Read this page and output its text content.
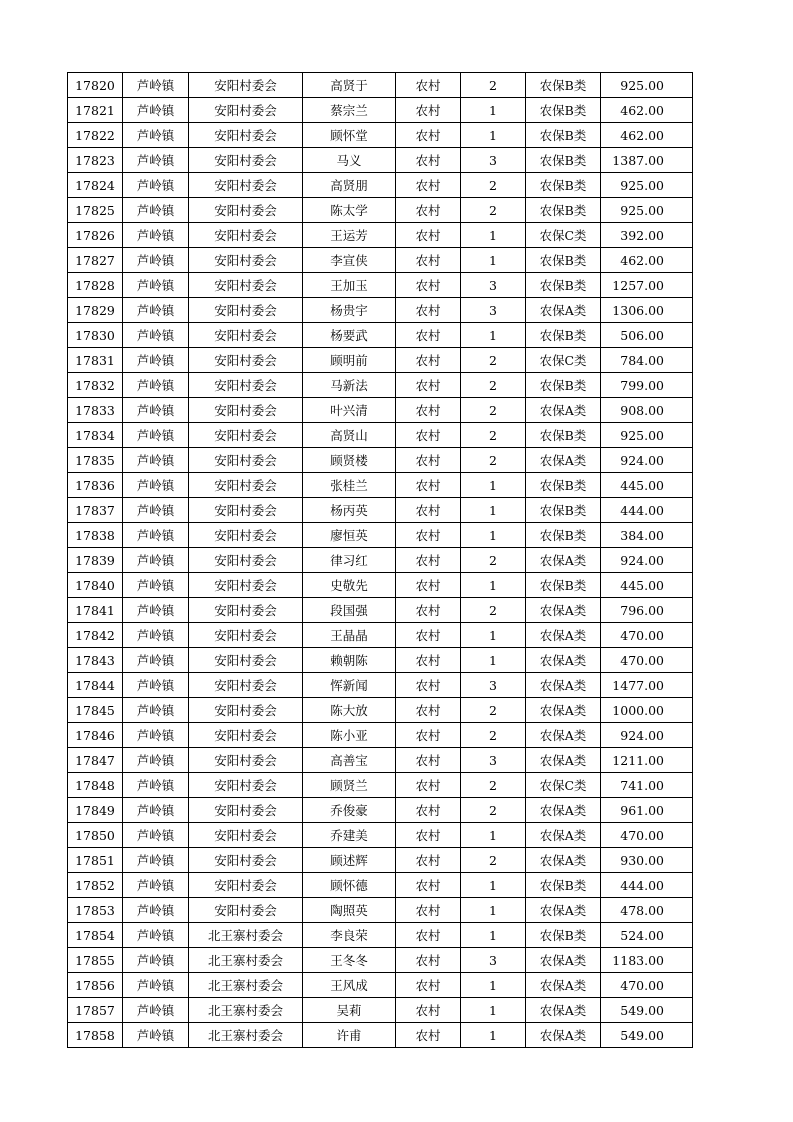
17820	芦岭镇	安阳村委会	高贤于	农村	2	农保B类	925.00
17821	芦岭镇	安阳村委会	蔡宗兰	农村	1	农保B类	462.00
17822	芦岭镇	安阳村委会	顾怀堂	农村	1	农保B类	462.00
17823	芦岭镇	安阳村委会	马义	农村	3	农保B类	1387.00
17824	芦岭镇	安阳村委会	高贤朋	农村	2	农保B类	925.00
17825	芦岭镇	安阳村委会	陈太学	农村	2	农保B类	925.00
17826	芦岭镇	安阳村委会	王运芳	农村	1	农保C类	392.00
17827	芦岭镇	安阳村委会	李宣侠	农村	1	农保B类	462.00
17828	芦岭镇	安阳村委会	王加玉	农村	3	农保B类	1257.00
17829	芦岭镇	安阳村委会	杨贵宇	农村	3	农保A类	1306.00
17830	芦岭镇	安阳村委会	杨要武	农村	1	农保B类	506.00
17831	芦岭镇	安阳村委会	顾明前	农村	2	农保C类	784.00
17832	芦岭镇	安阳村委会	马新法	农村	2	农保B类	799.00
17833	芦岭镇	安阳村委会	叶兴清	农村	2	农保A类	908.00
17834	芦岭镇	安阳村委会	高贤山	农村	2	农保B类	925.00
17835	芦岭镇	安阳村委会	顾贤楼	农村	2	农保A类	924.00
17836	芦岭镇	安阳村委会	张桂兰	农村	1	农保B类	445.00
17837	芦岭镇	安阳村委会	杨丙英	农村	1	农保B类	444.00
17838	芦岭镇	安阳村委会	廖恒英	农村	1	农保B类	384.00
17839	芦岭镇	安阳村委会	律习红	农村	2	农保A类	924.00
17840	芦岭镇	安阳村委会	史敬先	农村	1	农保B类	445.00
17841	芦岭镇	安阳村委会	段国强	农村	2	农保A类	796.00
17842	芦岭镇	安阳村委会	王晶晶	农村	1	农保A类	470.00
17843	芦岭镇	安阳村委会	赖朝陈	农村	1	农保A类	470.00
17844	芦岭镇	安阳村委会	恽新闻	农村	3	农保A类	1477.00
17845	芦岭镇	安阳村委会	陈大放	农村	2	农保A类	1000.00
17846	芦岭镇	安阳村委会	陈小亚	农村	2	农保A类	924.00
17847	芦岭镇	安阳村委会	高善宝	农村	3	农保A类	1211.00
17848	芦岭镇	安阳村委会	顾贤兰	农村	2	农保C类	741.00
17849	芦岭镇	安阳村委会	乔俊豪	农村	2	农保A类	961.00
17850	芦岭镇	安阳村委会	乔建美	农村	1	农保A类	470.00
17851	芦岭镇	安阳村委会	顾述辉	农村	2	农保A类	930.00
17852	芦岭镇	安阳村委会	顾怀德	农村	1	农保B类	444.00
17853	芦岭镇	安阳村委会	陶照英	农村	1	农保A类	478.00
17854	芦岭镇	北王寨村委会	李良荣	农村	1	农保B类	524.00
17855	芦岭镇	北王寨村委会	王冬冬	农村	3	农保A类	1183.00
17856	芦岭镇	北王寨村委会	王风成	农村	1	农保A类	470.00
17857	芦岭镇	北王寨村委会	吴莉	农村	1	农保A类	549.00
17858	芦岭镇	北王寨村委会	许甫	农村	1	农保A类	549.00
